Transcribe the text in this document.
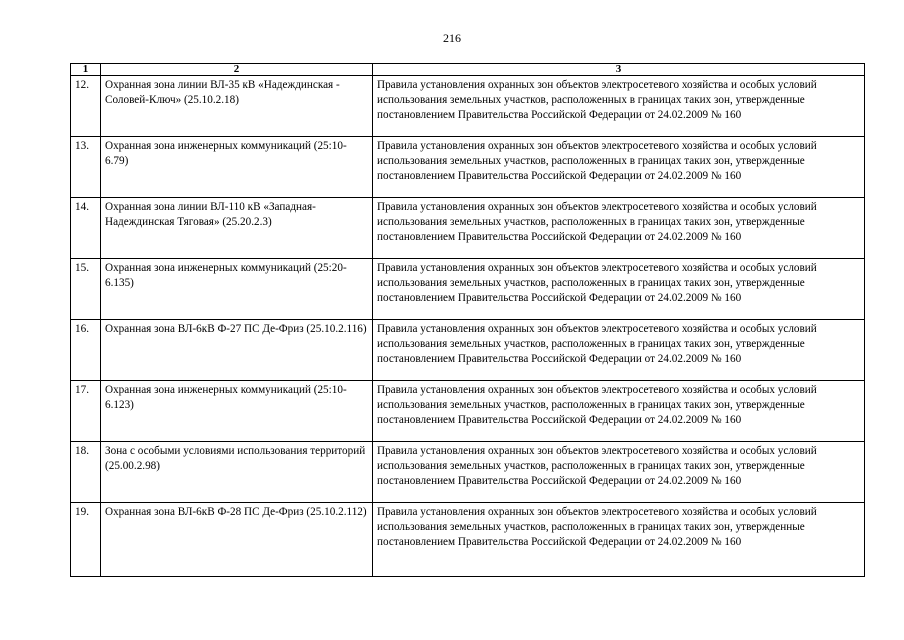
216
1	2	3
12.	Охранная зона линии ВЛ-35 кВ «Надеждинская - Соловей-Ключ» (25.10.2.18)	Правила установления охранных зон объектов электросетевого хозяйства и особых условий использования земельных участков, расположенных в границах таких зон, утвержденные постановлением Правительства Российской Федерации от 24.02.2009 № 160
13.	Охранная зона инженерных коммуникаций (25:10-6.79)	Правила установления охранных зон объектов электросетевого хозяйства и особых условий использования земельных участков, расположенных в границах таких зон, утвержденные постановлением Правительства Российской Федерации от 24.02.2009 № 160
14.	Охранная зона линии ВЛ-110 кВ «Западная-Надеждинская Тяговая» (25.20.2.3)	Правила установления охранных зон объектов электросетевого хозяйства и особых условий использования земельных участков, расположенных в границах таких зон, утвержденные постановлением Правительства Российской Федерации от 24.02.2009 № 160
15.	Охранная зона инженерных коммуникаций (25:20-6.135)	Правила установления охранных зон объектов электросетевого хозяйства и особых условий использования земельных участков, расположенных в границах таких зон, утвержденные постановлением Правительства Российской Федерации от 24.02.2009 № 160
16.	Охранная зона ВЛ-6кВ Ф-27 ПС Де-Фриз (25.10.2.116)	Правила установления охранных зон объектов электросетевого хозяйства и особых условий использования земельных участков, расположенных в границах таких зон, утвержденные постановлением Правительства Российской Федерации от 24.02.2009 № 160
17.	Охранная зона инженерных коммуникаций (25:10-6.123)	Правила установления охранных зон объектов электросетевого хозяйства и особых условий использования земельных участков, расположенных в границах таких зон, утвержденные постановлением Правительства Российской Федерации от 24.02.2009 № 160
18.	Зона с особыми условиями использования территорий (25.00.2.98)	Правила установления охранных зон объектов электросетевого хозяйства и особых условий использования земельных участков, расположенных в границах таких зон, утвержденные постановлением Правительства Российской Федерации от 24.02.2009 № 160
19.	Охранная зона ВЛ-6кВ Ф-28 ПС Де-Фриз (25.10.2.112)	Правила установления охранных зон объектов электросетевого хозяйства и особых условий использования земельных участков, расположенных в границах таких зон, утвержденные постановлением Правительства Российской Федерации от 24.02.2009 № 160
